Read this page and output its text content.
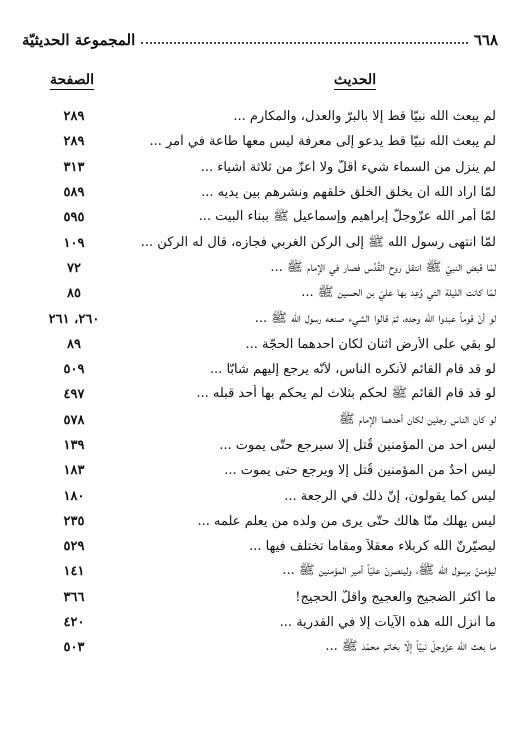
٦٦٨
المجموعة الحديثيّة
الحديث
الصفحة
لم يبعث الله نبيّاً قط إلّا بالبرّ والعدل، والمكارم ...
٢٨٩
لم يبعث الله نبيّاً قطّ يدعو إلى معرفة ليس معها طاعة في أمرٍ ...
٢٨٩
لم ينزل من السماء شيء أقلّ ولا أعزّ من ثلاثة أشياء ...
٣١٣
لمّا أراد الله أن يخلق الخلق خلقهم ونشرهم بين يديه ...
٥٨٩
لمّا أمر الله عزّوجلّ إبراهيم وإسماعيل ﷺ ببناء البيت ...
٥٩٥
لمّا انتهى رسول الله ﷺ إلى الركن الغربي فجازه، قال له الركن ...
١٠٩
لمّا قبض النبيّ ﷺ انتقل روح القُدُس فصار في الإمام ﷺ ...
٧٢
لمّا كانت الليلة التي وُعِد بها عليّ بن الحسين ﷺ ...
٨٥
لو أنّ قوماً عبدوا الله وحده، ثمّ قالوا الشيء صنعه رسول الله ﷺ ...
٢٦٠، ٢٦١
لو بقي على الأرض اثنان لكان أحدهما الحجّة ...
٨٩
لو قد قام القائم لأنكره الناس، لأنّه يرجع إليهم شابّاً ...
٥٠٩
لو قد قام القائم ﷺ لحكم بثلاث لم يحكم بها أحد قبله ...
٤٩٧
لو كان الناس رجلين لكان أحدهما الإمام ﷺ
٥٧٨
ليس أحد من المؤمنين قُتل إلّا سيرجع حتّى يموت ...
١٣٩
ليس أحدٌ من المؤمنين قُتل إلّا ويرجع حتى يموت ...
١٨٣
ليس كما يقولون، إنّ ذلك في الرجعة ...
١٨٠
ليس يهلك منّا هالك حتّى يرى من ولده من يعلم علمه ...
٢٣٥
ليصيّرنّ الله كربلاء معقلاً ومقاماً تختلف فيها ...
٥٢٩
ليؤمننّ برسول الله ﷺ، ولينصرنّ عليّاً أمير المؤمنين ﷺ ...
١٤١
ما أكثر الضجيج والعجيج وأقلّ الحجيج!
٣٦٦
ما أنزل الله هذه الآيات إلّا في القدرية ...
٤٢٠
ما بعث الله عزّوجلّ نبيّاً إلّا بخاتم محمّد ﷺ ...
٥٠٣
